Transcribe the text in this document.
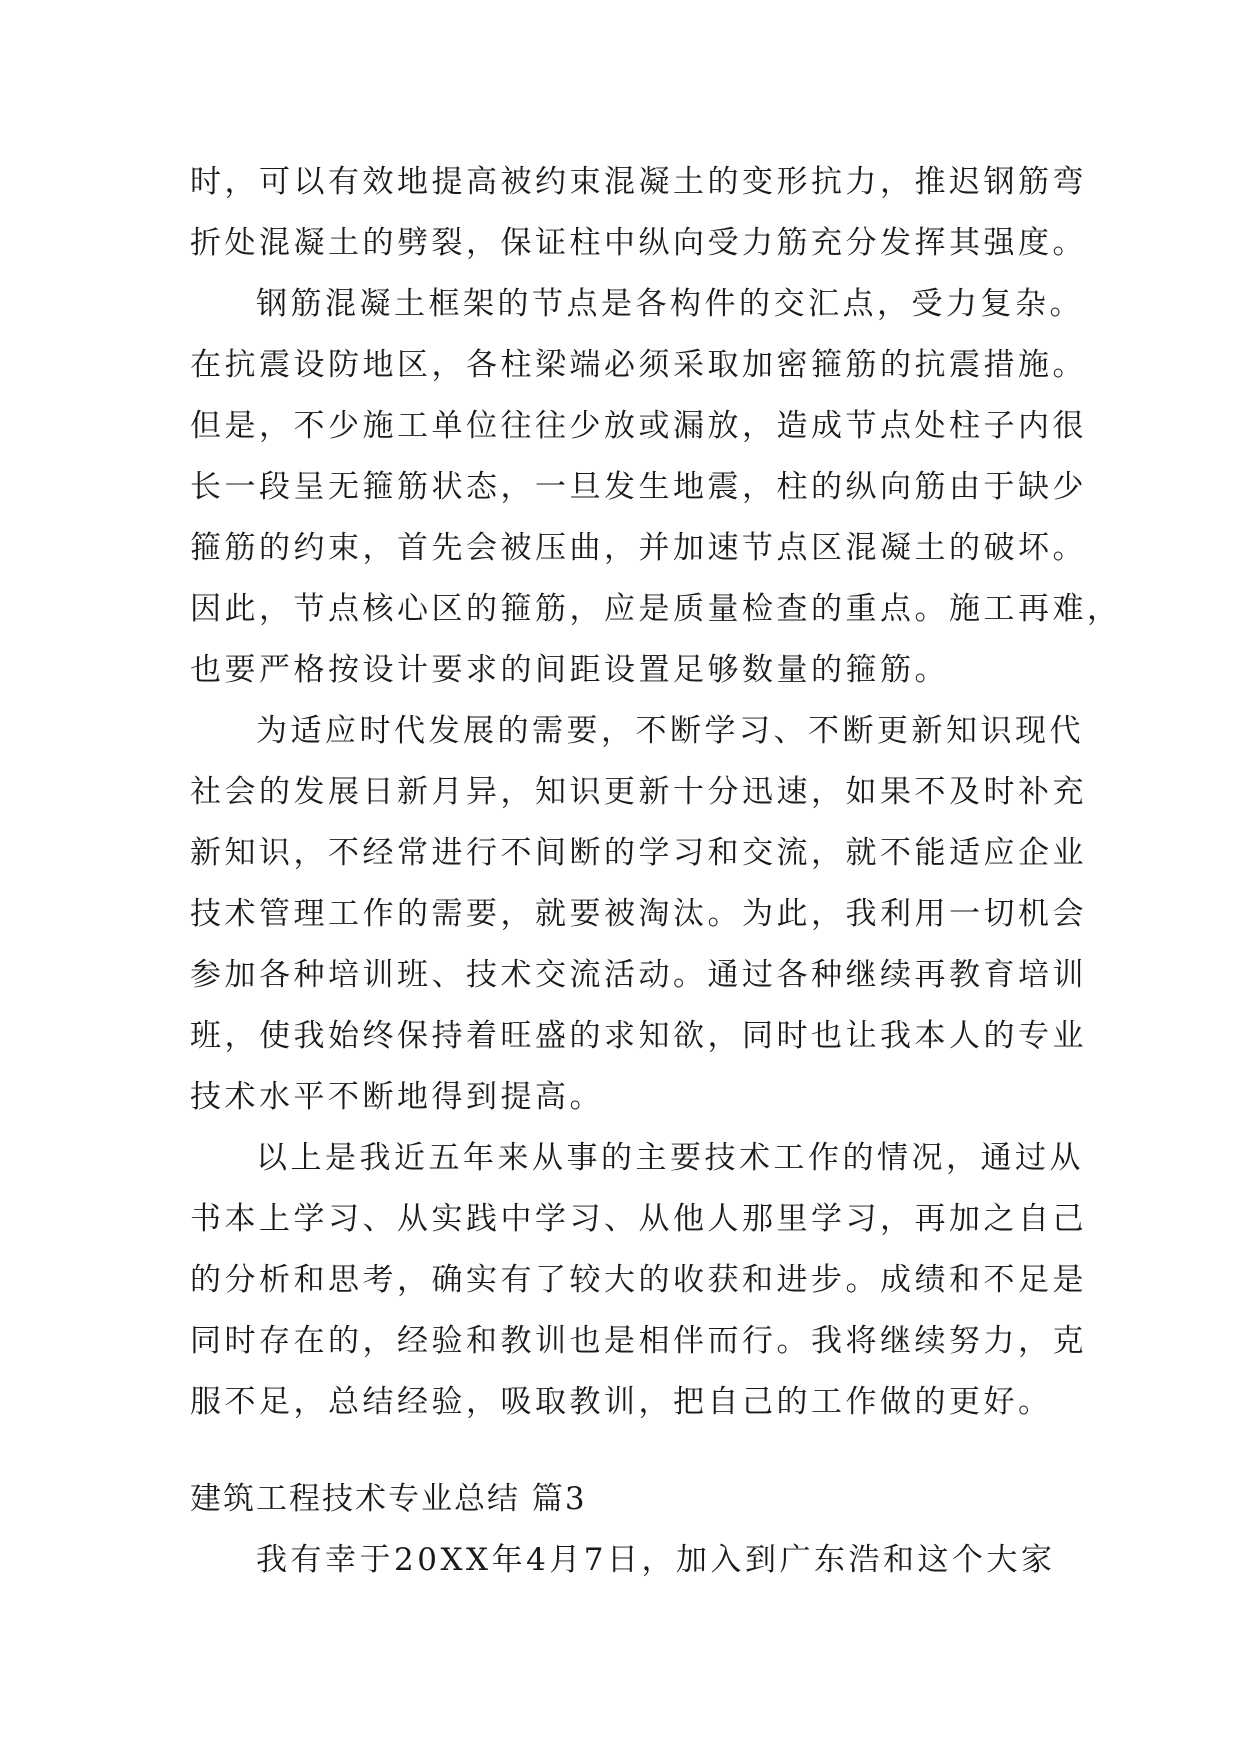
时，可以有效地提高被约束混凝土的变形抗力，推迟钢筋弯
折处混凝土的劈裂，保证柱中纵向受力筋充分发挥其强度。
钢筋混凝土框架的节点是各构件的交汇点，受力复杂。
在抗震设防地区，各柱梁端必须采取加密箍筋的抗震措施。
但是，不少施工单位往往少放或漏放，造成节点处柱子内很
长一段呈无箍筋状态，一旦发生地震，柱的纵向筋由于缺少
箍筋的约束，首先会被压曲，并加速节点区混凝土的破坏。
因此，节点核心区的箍筋，应是质量检查的重点。施工再难，
也要严格按设计要求的间距设置足够数量的箍筋。
为适应时代发展的需要，不断学习、不断更新知识现代
社会的发展日新月异，知识更新十分迅速，如果不及时补充
新知识，不经常进行不间断的学习和交流，就不能适应企业
技术管理工作的需要，就要被淘汰。为此，我利用一切机会
参加各种培训班、技术交流活动。通过各种继续再教育培训
班，使我始终保持着旺盛的求知欲，同时也让我本人的专业
技术水平不断地得到提高。
以上是我近五年来从事的主要技术工作的情况，通过从
书本上学习、从实践中学习、从他人那里学习，再加之自己
的分析和思考，确实有了较大的收获和进步。成绩和不足是
同时存在的，经验和教训也是相伴而行。我将继续努力，克
服不足，总结经验，吸取教训，把自己的工作做的更好。
建筑工程技术专业总结 篇3
我有幸于20XX年4月7日，加入到广东浩和这个大家
